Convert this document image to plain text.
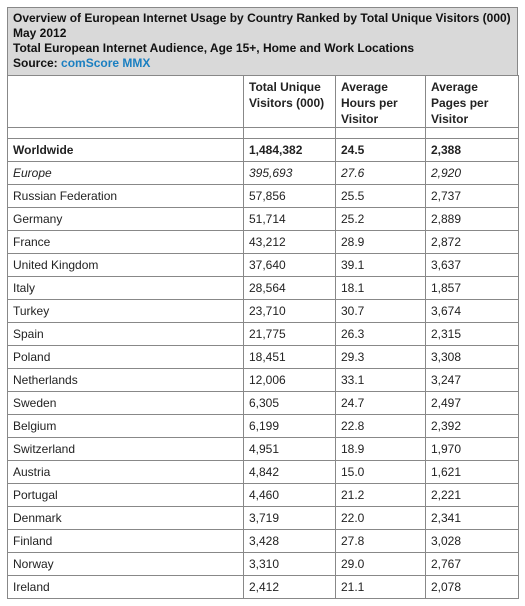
Overview of European Internet Usage by Country Ranked by Total Unique Visitors (000)
May 2012
Total European Internet Audience, Age 15+, Home and Work Locations
Source: comScore MMX
	Total Unique Visitors (000)	Average Hours per Visitor	Average Pages per Visitor

Worldwide	1,484,382	24.5	2,388
Europe	395,693	27.6	2,920
Russian Federation	57,856	25.5	2,737
Germany	51,714	25.2	2,889
France	43,212	28.9	2,872
United Kingdom	37,640	39.1	3,637
Italy	28,564	18.1	1,857
Turkey	23,710	30.7	3,674
Spain	21,775	26.3	2,315
Poland	18,451	29.3	3,308
Netherlands	12,006	33.1	3,247
Sweden	6,305	24.7	2,497
Belgium	6,199	22.8	2,392
Switzerland	4,951	18.9	1,970
Austria	4,842	15.0	1,621
Portugal	4,460	21.2	2,221
Denmark	3,719	22.0	2,341
Finland	3,428	27.8	3,028
Norway	3,310	29.0	2,767
Ireland	2,412	21.1	2,078
